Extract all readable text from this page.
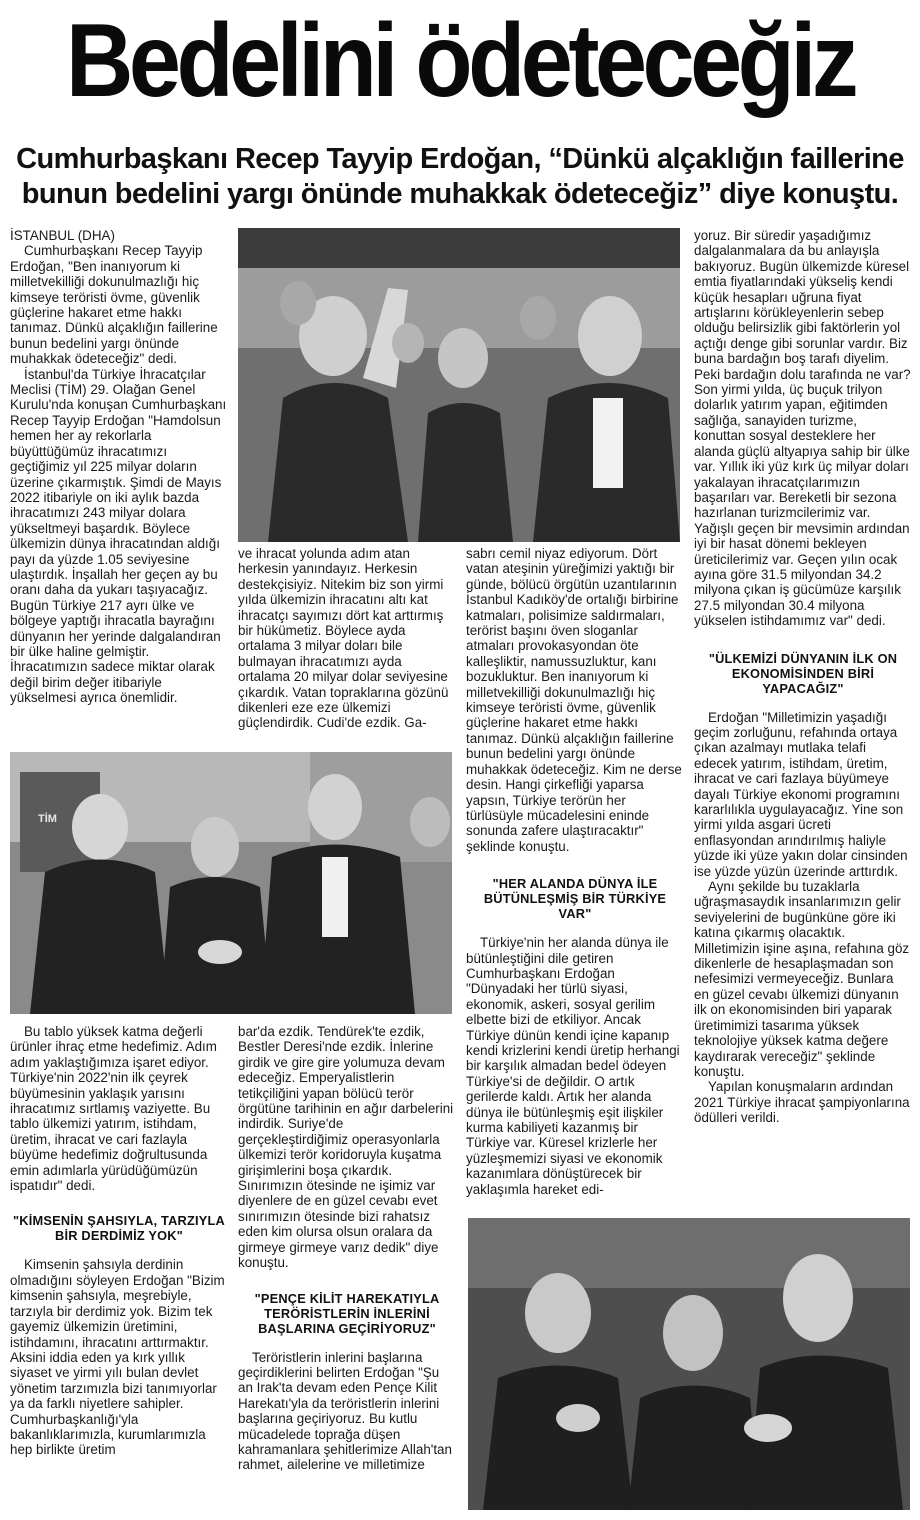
Bedelini ödeteceğiz
Cumhurbaşkanı Recep Tayyip Erdoğan, “Dünkü alçaklığın faillerine bunun bedelini yargı önünde muhakkak ödeteceğiz” diye konuştu.
TİM

İSTANBUL (DHA)

Cumhurbaşkanı Recep Tayyip Erdoğan, "Ben inanıyorum ki milletvekilliği dokunulmazlığı hiç kimseye teröristi övme, güvenlik güçlerine hakaret etme hakkı tanımaz. Dünkü alçaklığın faillerine bunun bedelini yargı önünde muhakkak ödeteceğiz" dedi.

İstanbul'da Türkiye İhracatçılar Meclisi (TİM) 29. Olağan Genel Kurulu'nda konuşan Cumhurbaşkanı Recep Tayyip Erdoğan "Hamdolsun hemen her ay rekorlarla büyüttüğümüz ihracatımızı geçtiğimiz yıl 225 milyar doların üzerine çıkarmıştık. Şimdi de Mayıs 2022 itibariyle on iki aylık bazda ihracatımızı 243 milyar dolara yükseltmeyi başardık. Böylece ülkemizin dünya ihracatından aldığı payı da yüzde 1.05 seviyesine ulaştırdık. İnşallah her geçen ay bu oranı daha da yukarı taşıyacağız. Bugün Türkiye 217 ayrı ülke ve bölgeye yaptığı ihracatla bayrağını dünyanın her yerinde dalgalandıran bir ülke haline gelmiştir. İhracatımızın sadece miktar olarak değil birim değer itibariyle yükselmesi ayrıca önemlidir.

ve ihracat yolunda adım atan herkesin yanındayız. Herkesin destekçisiyiz. Nitekim biz son yirmi yılda ülkemizin ihracatını altı kat ihracatçı sayımızı dört kat arttırmış bir hükümetiz. Böylece ayda ortalama 3 milyar doları bile bulmayan ihracatımızı ayda ortalama 20 milyar dolar seviyesine çıkardık. Vatan topraklarına gözünü dikenleri eze eze ülkemizi güçlendirdik. Cudi'de ezdik. Ga-

sabrı cemil niyaz ediyorum. Dört vatan ateşinin yüreğimizi yaktığı bir günde, bölücü örgütün uzantılarının İstanbul Kadıköy'de ortalığı birbirine katmaları, polisimize saldırmaları, terörist başını öven sloganlar atmaları provokasyondan öte kalleşliktir, namussuzluktur, kanı bozukluktur. Ben inanıyorum ki milletvekilliği dokunulmazlığı hiç kimseye teröristi övme, güvenlik güçlerine hakaret etme hakkı tanımaz. Dünkü alçaklığın faillerine bunun bedelini yargı önünde muhakkak ödeteceğiz. Kim ne derse desin. Hangi çirkefliği yaparsa yapsın, Türkiye terörün her türlüsüyle mücadelesini eninde sonunda zafere ulaştıracaktır" şeklinde konuştu.

"HER ALANDA DÜNYA İLE BÜTÜNLEŞMİŞ BİR TÜRKİYE VAR"

Türkiye'nin her alanda dünya ile bütünleştiğini dile getiren Cumhurbaşkanı Erdoğan "Dünyadaki her türlü siyasi, ekonomik, askeri, sosyal gerilim elbette bizi de etkiliyor. Ancak Türkiye dünün kendi içine kapanıp kendi krizlerini kendi üretip herhangi bir karşılık almadan bedel ödeyen Türkiye'si de değildir. O artık gerilerde kaldı. Artık her alanda dünya ile bütünleşmiş eşit ilişkiler kurma kabiliyeti kazanmış bir Türkiye var. Küresel krizlerle her yüzleşmemizi siyasi ve ekonomik kazanımlara dönüştürecek bir yaklaşımla hareket edi-

yoruz. Bir süredir yaşadığımız dalgalanmalara da bu anlayışla bakıyoruz. Bugün ülkemizde küresel emtia fiyatlarındaki yükseliş kendi küçük hesapları uğruna fiyat artışlarını körükleyenlerin sebep olduğu belirsizlik gibi faktörlerin yol açtığı denge gibi sorunlar vardır. Biz buna bardağın boş tarafı diyelim. Peki bardağın dolu tarafında ne var? Son yirmi yılda, üç buçuk trilyon dolarlık yatırım yapan, eğitimden sağlığa, sanayiden turizme, konuttan sosyal desteklere her alanda güçlü altyapıya sahip bir ülke var. Yıllık iki yüz kırk üç milyar doları yakalayan ihracatçılarımızın başarıları var. Bereketli bir sezona hazırlanan turizmcilerimiz var. Yağışlı geçen bir mevsimin ardından iyi bir hasat dönemi bekleyen üreticilerimiz var. Geçen yılın ocak ayına göre 31.5 milyondan 34.2 milyona çıkan iş gücümüze karşılık 27.5 milyondan 30.4 milyona yükselen istihdamımız var" dedi.

"ÜLKEMİZİ DÜNYANIN İLK ON EKONOMİSİNDEN BİRİ YAPACAĞIZ"

Erdoğan "Milletimizin yaşadığı geçim zorluğunu, refahında ortaya çıkan azalmayı mutlaka telafi edecek yatırım, istihdam, üretim, ihracat ve cari fazlaya büyümeye dayalı Türkiye ekonomi programını kararlılıkla uygulayacağız. Yine son yirmi yılda asgari ücreti enflasyondan arındırılmış haliyle yüzde iki yüze yakın dolar cinsinden ise yüzde yüzün üzerinde arttırdık.

Aynı şekilde bu tuzaklarla uğraşmasaydık insanlarımızın gelir seviyelerini de bugünküne göre iki katına çıkarmış olacaktık. Milletimizin işine aşına, refahına göz dikenlerle de hesaplaşmadan son nefesimizi vermeyeceğiz. Bunlara en güzel cevabı ülkemizi dünyanın ilk on ekonomisinden biri yaparak üretimimizi tasarıma yüksek teknolojiye yüksek katma değere kaydırarak vereceğiz" şeklinde konuştu.

Yapılan konuşmaların ardından 2021 Türkiye ihracat şampiyonlarına ödülleri verildi.

Bu tablo yüksek katma değerli ürünler ihraç etme hedefimiz. Adım adım yaklaştığımıza işaret ediyor. Türkiye'nin 2022'nin ilk çeyrek büyümesinin yaklaşık yarısını ihracatımız sırtlamış vaziyette. Bu tablo ülkemizi yatırım, istihdam, üretim, ihracat ve cari fazlayla büyüme hedefimiz doğrultusunda emin adımlarla yürüdüğümüzün ispatıdır" dedi.

"KİMSENİN ŞAHSIYLA, TARZIYLA BİR DERDİMİZ YOK"

Kimsenin şahsıyla derdinin olmadığını söyleyen Erdoğan "Bizim kimsenin şahsıyla, meşrebiyle, tarzıyla bir derdimiz yok. Bizim tek gayemiz ülkemizin üretimini, istihdamını, ihracatını arttırmaktır. Aksini iddia eden ya kırk yıllık siyaset ve yirmi yılı bulan devlet yönetim tarzımızla bizi tanımıyorlar ya da farklı niyetlere sahipler. Cumhurbaşkanlığı'yla bakanlıklarımızla, kurumlarımızla hep birlikte üretim

bar'da ezdik. Tendürek'te ezdik, Bestler Deresi'nde ezdik. İnlerine girdik ve gire gire yolumuza devam edeceğiz. Emperyalistlerin tetikçiliğini yapan bölücü terör örgütüne tarihinin en ağır darbelerini indirdik. Suriye'de gerçekleştirdiğimiz operasyonlarla ülkemizi terör koridoruyla kuşatma girişimlerini boşa çıkardık. Sınırımızın ötesinde ne işimiz var diyenlere de en güzel cevabı evet sınırımızın ötesinde bizi rahatsız eden kim olursa olsun oralara da girmeye girmeye varız dedik" diye konuştu.

"PENÇE KİLİT HAREKATIYLA TERÖRİSTLERİN İNLERİNİ BAŞLARINA GEÇİRİYORUZ"

Teröristlerin inlerini başlarına geçirdiklerini belirten Erdoğan "Şu an Irak'ta devam eden Pençe Kilit Harekatı'yla da teröristlerin inlerini başlarına geçiriyoruz. Bu kutlu mücadelede toprağa düşen kahramanlara şehitlerimize Allah'tan rahmet, ailelerine ve milletimize
